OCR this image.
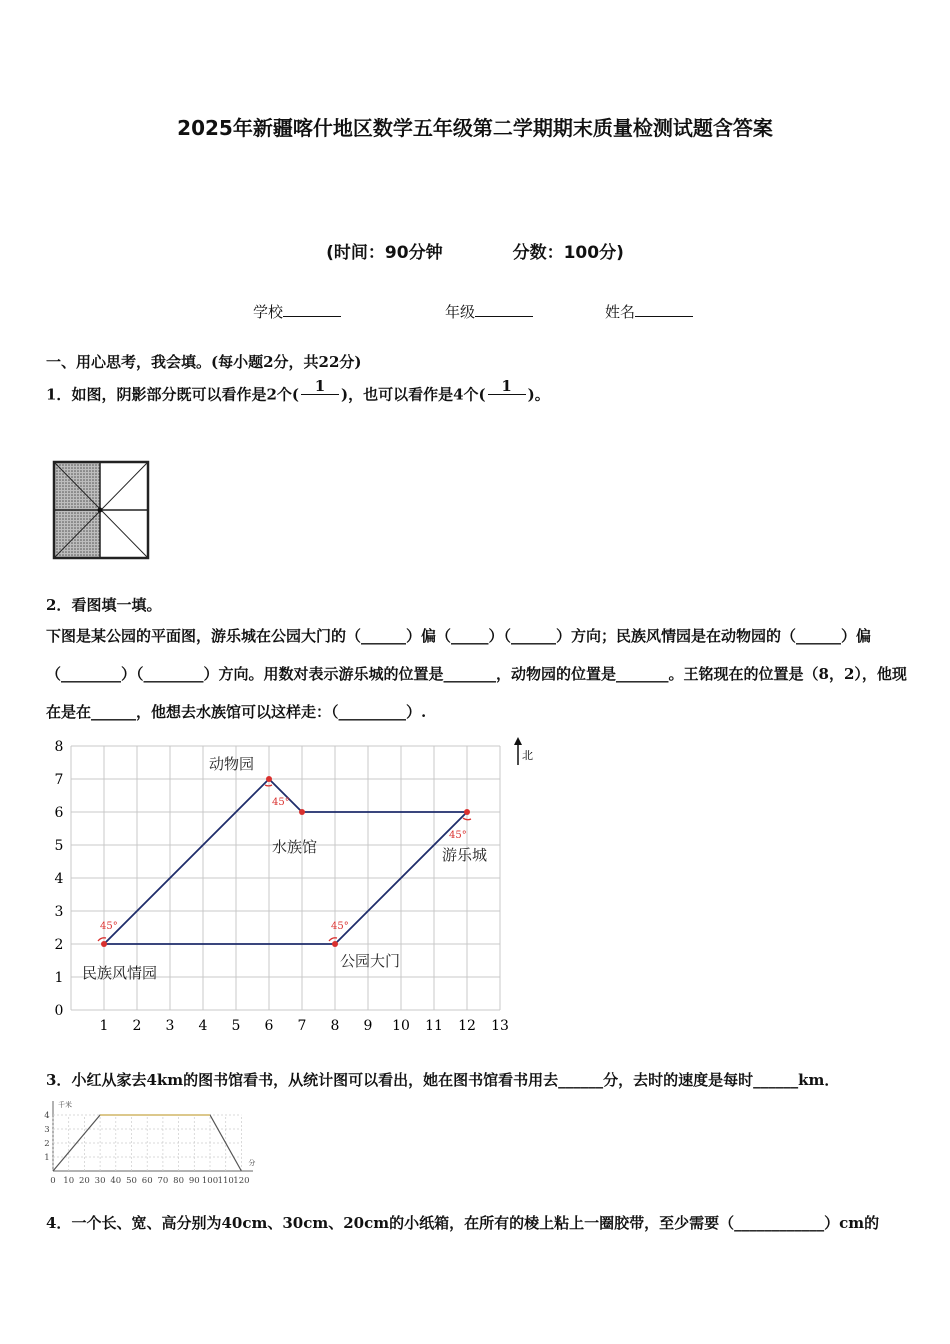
2025年新疆喀什地区数学五年级第二学期期末质量检测试题含答案
(时间：90分钟	分数：100分)
学校	年级	姓名
一、用心思考，我会填。(每小题2分，共22分)
1．如图，阴影部分既可以看作是2个(	1	)，也可以看作是4个(	1	)。
2．看图填一填。
下图是某公园的平面图，游乐城在公园大门的（______）偏（_____）（______）方向；民族风情园是在动物园的（______）偏（________）（________）方向。用数对表示游乐城的位置是_______，动物园的位置是_______。王铭现在的位置是（8，2），他现在是在______，他想去水族馆可以这样走：（_________）.
1 2 3 4 5 6 7 8 9 10 11 12 13
0
1
2
3
4
5
6
7
8
45°	45°
45°
45°
动物园
水族馆	游乐城
公园大门
民族风情园
北
3．小红从家去4km的图书馆看书，从统计图可以看出，她在图书馆看书用去______分，去时的速度是每时______km．
0 10 20 30 40 50 60 70 80 90 100 110 120
1
2
3
4
千米
分
4．一个长、宽、高分别为40cm、30cm、20cm的小纸箱，在所有的棱上粘上一圈胶带，至少需要（____________）cm的
